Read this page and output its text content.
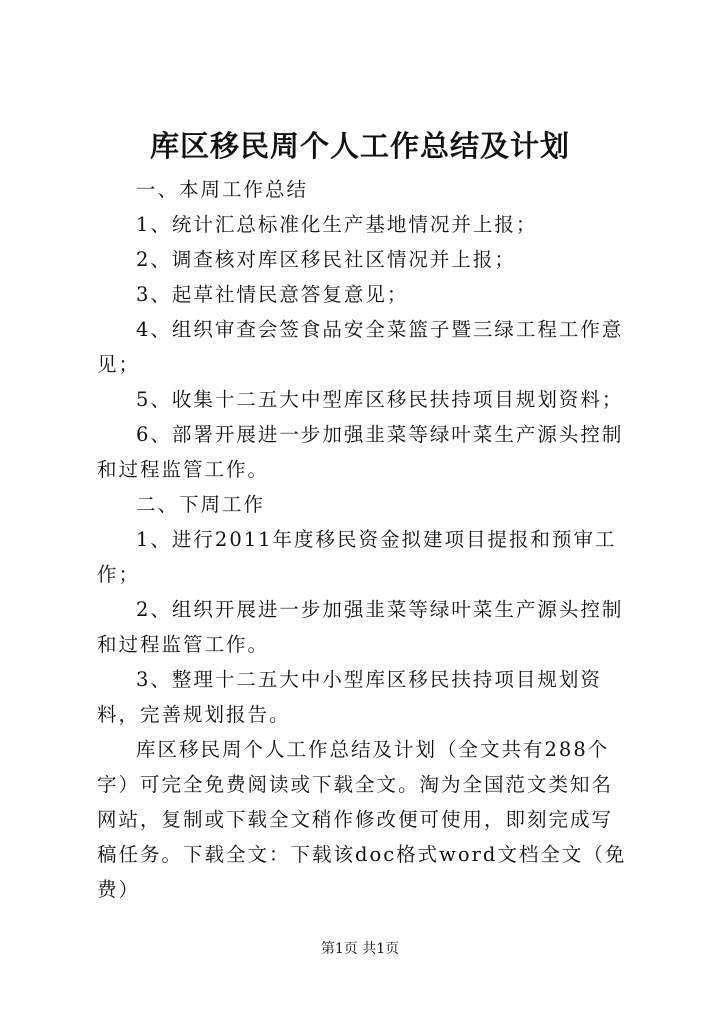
库区移民周个人工作总结及计划

一、本周工作总结

1、统计汇总标准化生产基地情况并上报；

2、调查核对库区移民社区情况并上报；

3、起草社情民意答复意见；

4、组织审查会签食品安全菜篮子暨三绿工程工作意见；

5、收集十二五大中型库区移民扶持项目规划资料；

6、部署开展进一步加强韭菜等绿叶菜生产源头控制和过程监管工作。

二、下周工作

1、进行2011年度移民资金拟建项目提报和预审工作；

2、组织开展进一步加强韭菜等绿叶菜生产源头控制和过程监管工作。

3、整理十二五大中小型库区移民扶持项目规划资料，完善规划报告。

库区移民周个人工作总结及计划（全文共有288个字）可完全免费阅读或下载全文。淘为全国范文类知名网站，复制或下载全文稍作修改便可使用，即刻完成写稿任务。下载全文：下载该doc格式word文档全文（免费）

第1页 共1页
